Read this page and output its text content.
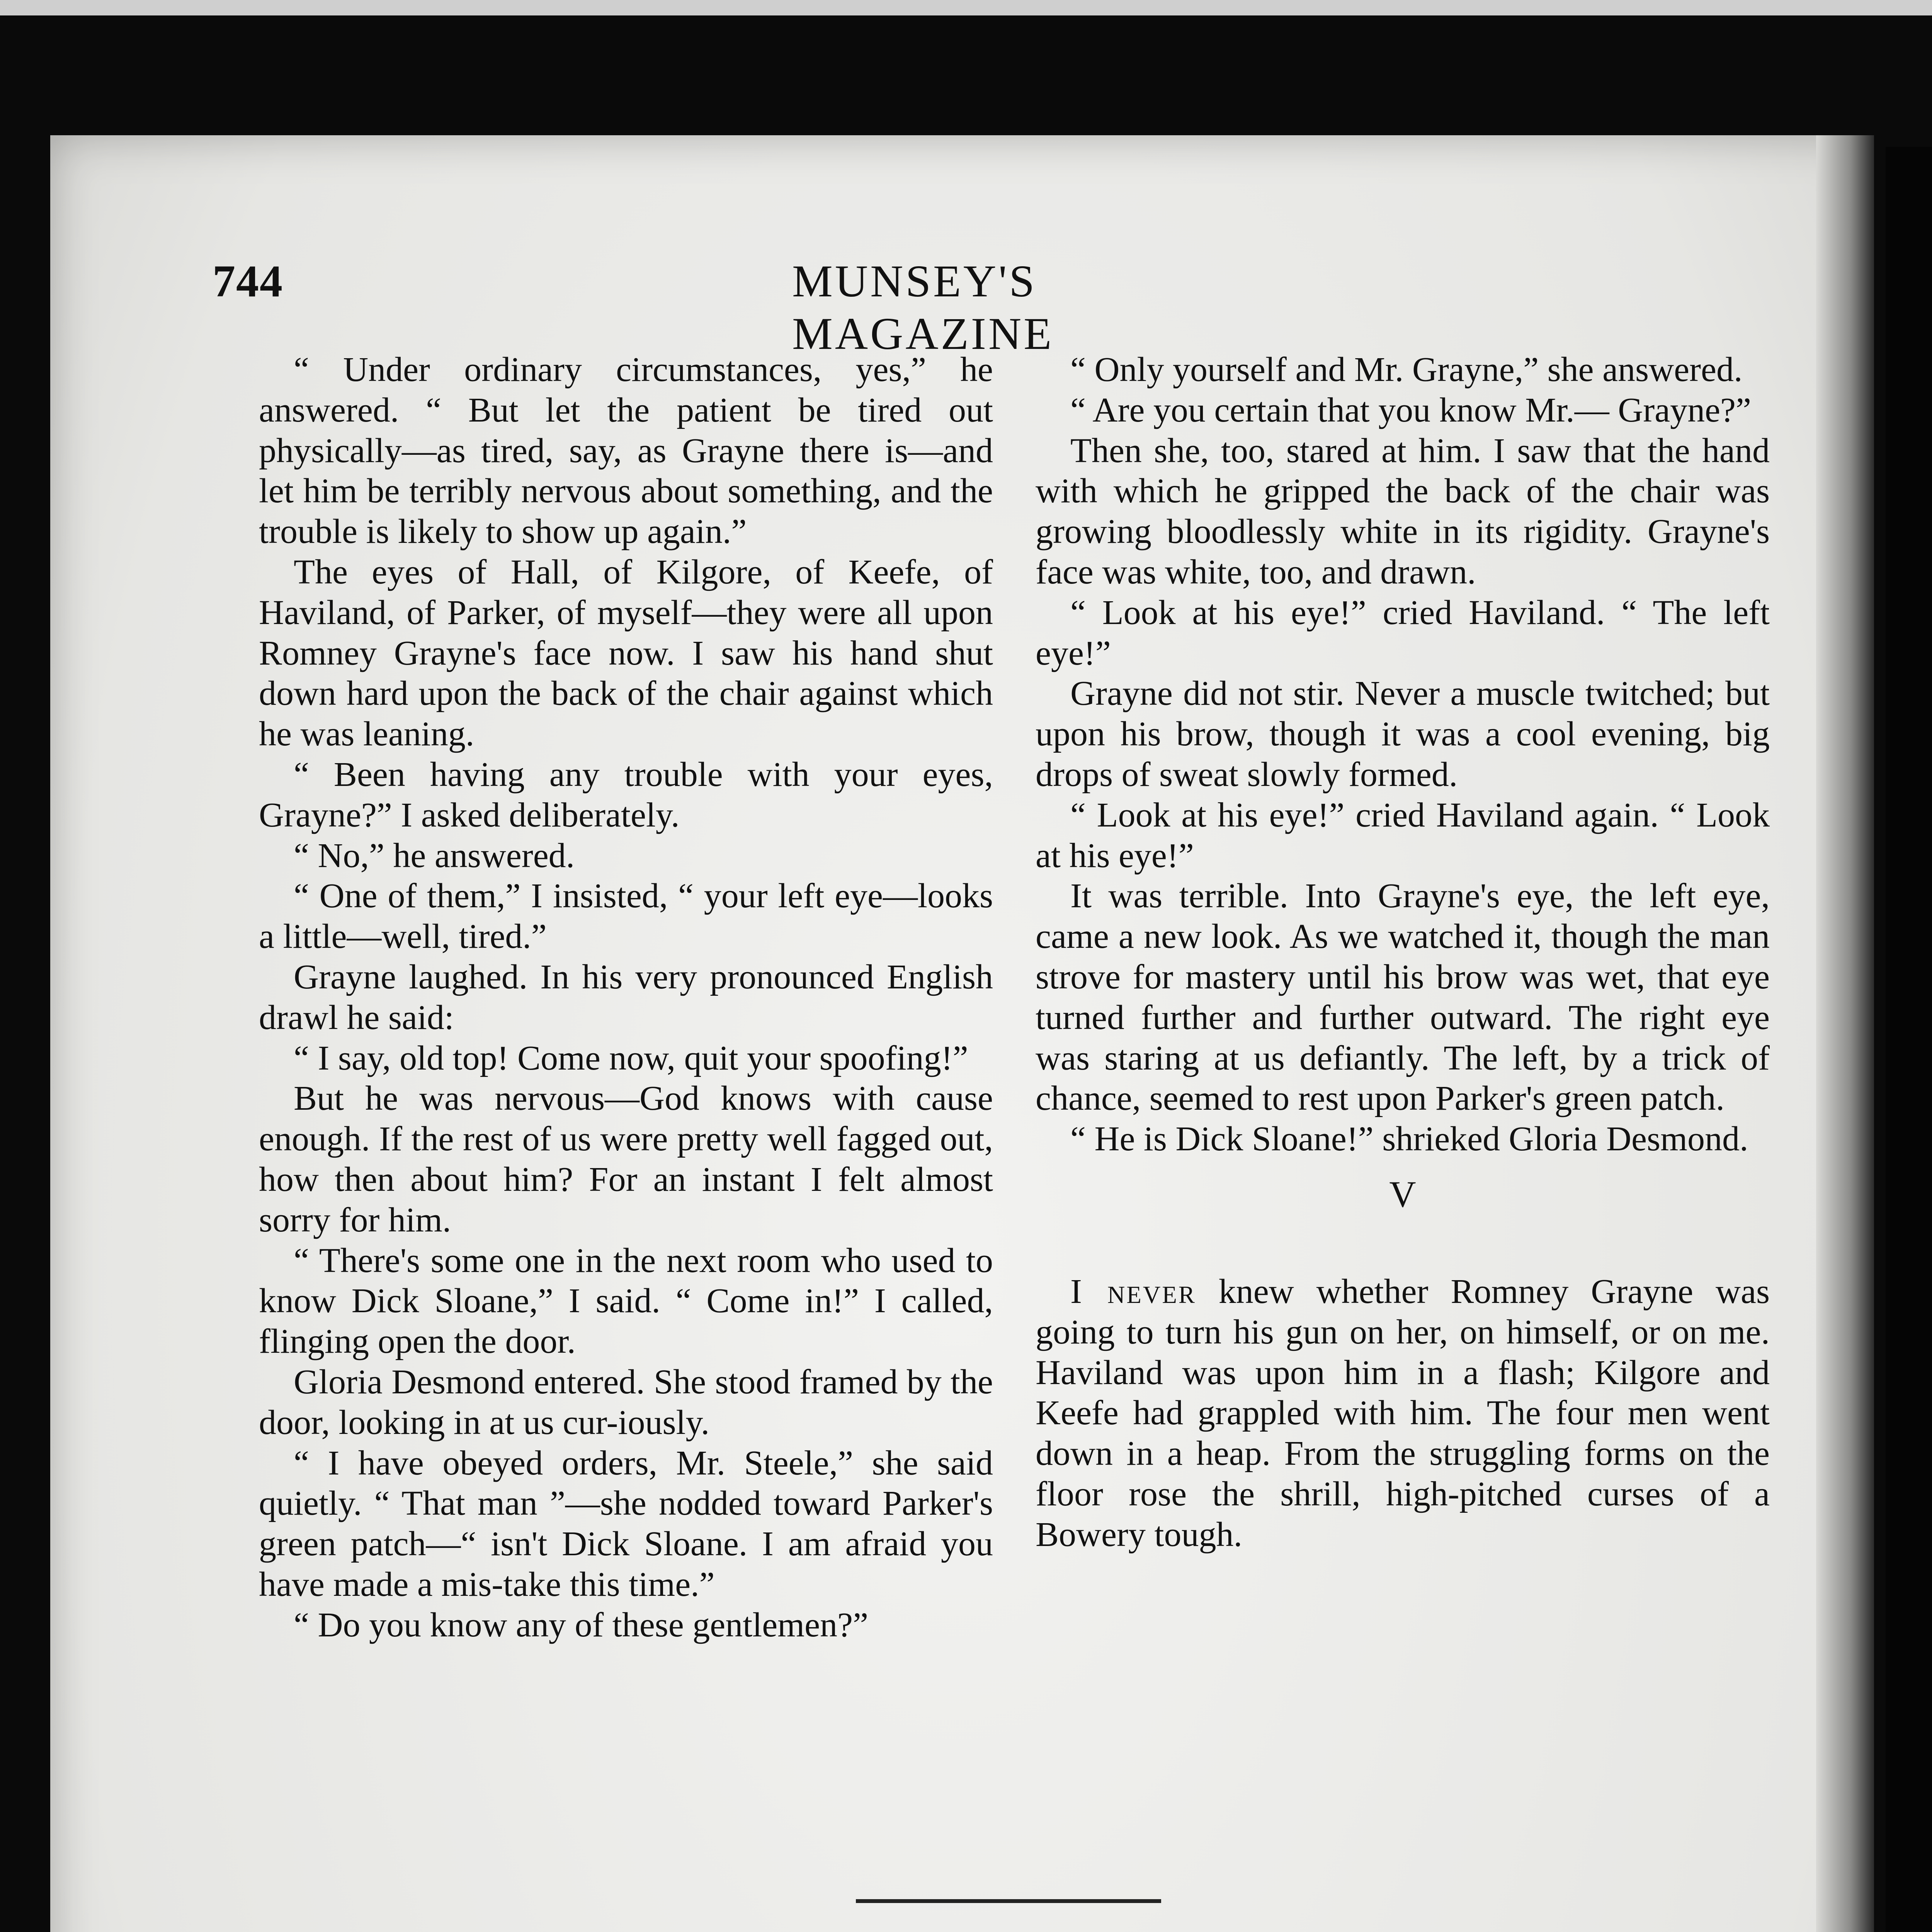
744	MUNSEY'S MAGAZINE

“ Under ordinary circumstances, yes,” he answered. “ But let the patient be tired out physically—as tired, say, as Grayne there is—and let him be terribly nervous about something, and the trouble is likely to show up again.”

The eyes of Hall, of Kilgore, of Keefe, of Haviland, of Parker, of myself—they were all upon Romney Grayne's face now. I saw his hand shut down hard upon the back of the chair against which he was leaning.

“ Been having any trouble with your eyes, Grayne?” I asked deliberately.

“ No,” he answered.

“ One of them,” I insisted, “ your left eye—looks a little—well, tired.”

Grayne laughed. In his very pronounced English drawl he said:

“ I say, old top! Come now, quit your spoofing!”

But he was nervous—God knows with cause enough. If the rest of us were pretty well fagged out, how then about him? For an instant I felt almost sorry for him.

“ There's some one in the next room who used to know Dick Sloane,” I said. “ Come in!” I called, flinging open the door.

Gloria Desmond entered. She stood framed by the door, looking in at us cur-iously.

“ I have obeyed orders, Mr. Steele,” she said quietly. “ That man ”—she nodded toward Parker's green patch—“ isn't Dick Sloane. I am afraid you have made a mis-take this time.”

“ Do you know any of these gentlemen?”

“ Only yourself and Mr. Grayne,” she answered.

“ Are you certain that you know Mr.— Grayne?”

Then she, too, stared at him. I saw that the hand with which he gripped the back of the chair was growing bloodlessly white in its rigidity. Grayne's face was white, too, and drawn.

“ Look at his eye!” cried Haviland. “ The left eye!”

Grayne did not stir. Never a muscle twitched; but upon his brow, though it was a cool evening, big drops of sweat slowly formed.

“ Look at his eye!” cried Haviland again. “ Look at his eye!”

It was terrible. Into Grayne's eye, the left eye, came a new look. As we watched it, though the man strove for mastery until his brow was wet, that eye turned further and further outward. The right eye was staring at us defiantly. The left, by a trick of chance, seemed to rest upon Parker's green patch.

“ He is Dick Sloane!” shrieked Gloria Desmond.

V

I never knew whether Romney Grayne was going to turn his gun on her, on himself, or on me. Haviland was upon him in a flash; Kilgore and Keefe had grappled with him. The four men went down in a heap. From the struggling forms on the floor rose the shrill, high-pitched curses of a Bowery tough.
